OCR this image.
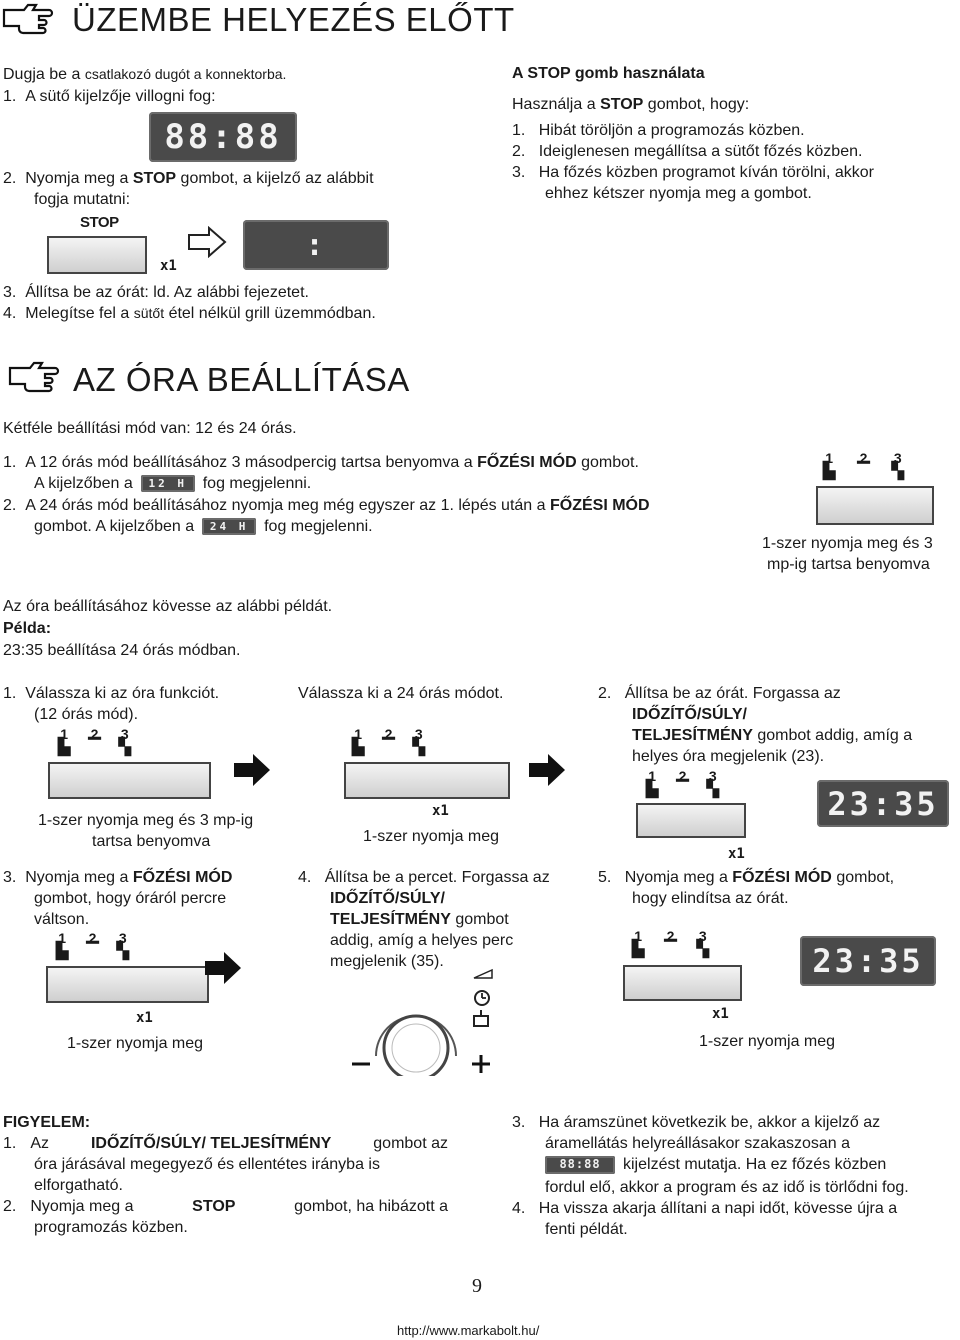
ÜZEMBE HELYEZÉS ELŐTT
Dugja be a csatlakozó dugót a konnektorba.
1. A sütő kijelzője villogni fog:
88:88
2.  Nyomja meg a STOP gombot, a kijelző az alábbit
fogja mutatni:
STOP
x1
:
3. Állítsa be az órát: ld. Az alábbi fejezetet.
4. Melegítse fel a sütőt étel nélkül grill üzemmódban.
A STOP gomb használata
Használja a STOP gombot, hogy:
1. Hibát töröljön a programozás közben.
2. Ideiglenesen megállítsa a sütőt főzés közben.
3. Ha főzés közben programot kíván törölni, akkor
ehhez kétszer nyomja meg a gombot.
AZ ÓRA BEÁLLÍTÁSA
Kétféle beállítási mód van: 12 és 24 órás.
1. A 12 órás mód beállításához 3 másodpercig tartsa benyomva a FŐZÉSI MÓD gombot.
A kijelzőben a	12 H fog megjelenni.
2. A 24 órás mód beállításához nyomja meg még egyszer az 1. lépés után a FŐZÉSI MÓD
gombot. A kijelzőben a	24 H fog megjelenni.
1
▙
2
▔
3
▚
1-szer nyomja meg és 3
mp-ig tartsa benyomva
Az óra beállításához kövesse az alábbi példát.
Példa:
23:35 beállítása 24 órás módban.
1. Válassza ki az óra funkciót.
(12 órás mód).
1
▙
2
▔
3
▚
1-szer nyomja meg és 3 mp-ig
tartsa benyomva
Válassza ki a 24 órás módot.
1
▙
2
▔
3
▚
x1
1-szer nyomja meg
2. Állítsa be az órát. Forgassa az
IDŐZÍTŐ/SÚLY/
TELJESÍTMÉNY gombot addig, amíg a
helyes óra megjelenik (23).
1
▙
2
▔
3
▚	23:35
x1
3. Nyomja meg a FŐZÉSI MÓD
gombot, hogy óráról percre
váltson.
1
▙
2
▔
3
▚
x1
1-szer nyomja meg
4. Állítsa be a percet. Forgassa az
IDŐZÍTŐ/SÚLY/
TELJESÍTMÉNY gombot
addig, amíg a helyes perc
megjelenik (35).
5. Nyomja meg a FŐZÉSI MÓD gombot,
hogy elindítsa az órát.
1
▙
2
▔
3
▚	23:35
x1
1-szer nyomja meg
FIGYELEM:
1. Az	IDŐZÍTŐ/SÚLY/ TELJESÍTMÉNY	gombot az
óra járásával megegyező és ellentétes irányba is
elforgatható.
2. Nyomja meg a	STOP	gombot, ha hibázott a
programozás közben.
3. Ha áramszünet következik be, akkor a kijelző az
áramellátás helyreállásakor szakaszosan a
88:88	kijelzést mutatja. Ha ez főzés közben
fordul elő, akkor a program és az idő is törlődni fog.
4. Ha vissza akarja állítani a napi időt, kövesse újra a
fenti példát.
9
http://www.markabolt.hu/
